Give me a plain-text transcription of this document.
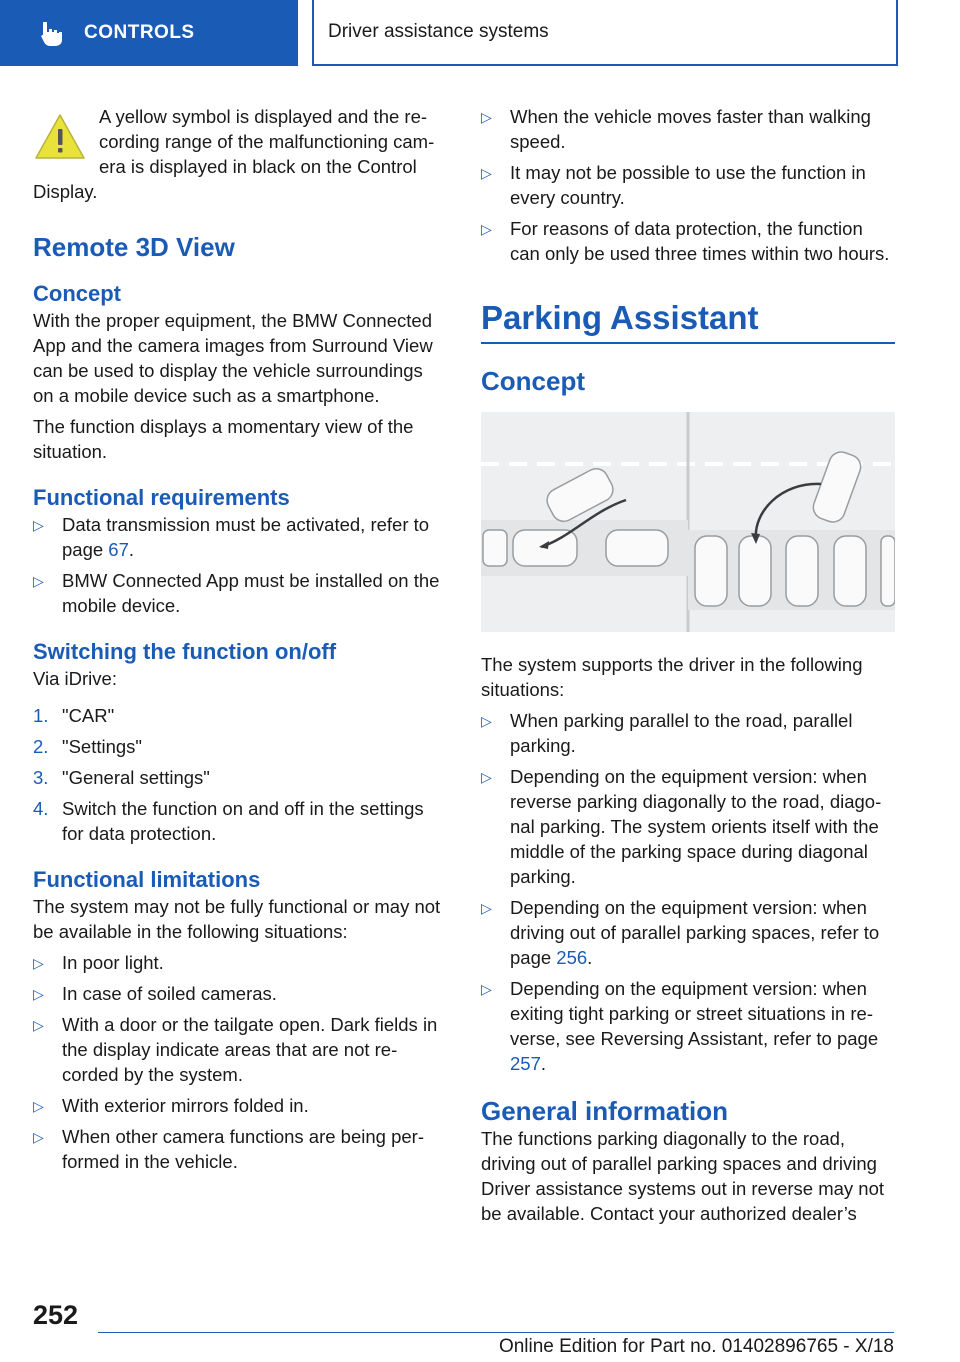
CONTROLS	Driver assistance systems

A yellow symbol is displayed and the recording range of the malfunctioning camera is displayed in black on the Control Display.

Remote 3D View
Concept

With the proper equipment, the BMW Connected App and the camera images from Surround View can be used to display the vehicle surroundings on a mobile device such as a smartphone.

The function displays a momentary view of the situation.

Functional requirements
▷ Data transmission must be activated, refer to page 67.
▷ BMW Connected App must be installed on the mobile device.
Switching the function on/off

Via iDrive:

1. "CAR"
2. "Settings"
3. "General settings"
4. Switch the function on and off in the settings for data protection.
Functional limitations

The system may not be fully functional or may not be available in the following situations:

▷ In poor light.
▷ In case of soiled cameras.
▷ With a door or the tailgate open. Dark fields in the display indicate areas that are not recorded by the system.
▷ With exterior mirrors folded in.
▷ When other camera functions are being performed in the vehicle.
▷ When the vehicle moves faster than walking speed.
▷ It may not be possible to use the function in every country.
▷ For reasons of data protection, the function can only be used three times within two hours.
Parking Assistant
Concept

The system supports the driver in the following situations:

▷ When parking parallel to the road, parallel parking.
▷ Depending on the equipment version: when reverse parking diagonally to the road, diagonal parking. The system orients itself with the middle of the parking space during diagonal parking.
▷ Depending on the equipment version: when driving out of parallel parking spaces, refer to page 256.
▷ Depending on the equipment version: when exiting tight parking or street situations in reverse, see Reversing Assistant, refer to page 257.
General information

The functions parking diagonally to the road, driving out of parallel parking spaces and driving Driver assistance systems out in reverse may not be available. Contact your authorized dealer’s

252
Online Edition for Part no. 01402896765 - X/18
